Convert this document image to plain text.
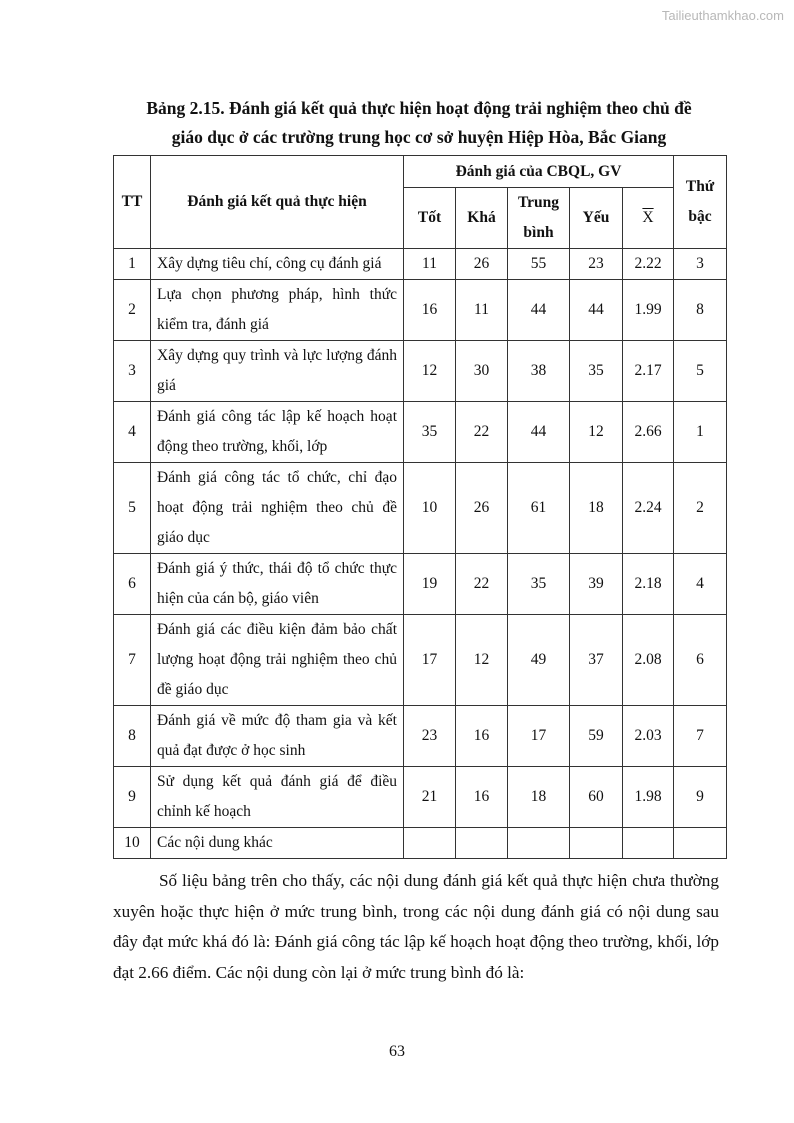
Tailieuthamkhao.com
Bảng 2.15. Đánh giá kết quả thực hiện hoạt động trải nghiệm theo chủ đề
giáo dục ở các trường trung học cơ sở huyện Hiệp Hòa, Bắc Giang
TT	Đánh giá kết quả thực hiện	Đánh giá của CBQL, GV					Thứ bậc
		Tốt	Khá	Trung bình	Yếu	$\overline{X}$
1	Xây dựng tiêu chí, công cụ đánh giá	11	26	55	23	2.22	3
2	Lựa chọn phương pháp, hình thức kiểm tra, đánh giá	16	11	44	44	1.99	8
3	Xây dựng quy trình và lực lượng đánh giá	12	30	38	35	2.17	5
4	Đánh giá công tác lập kế hoạch hoạt động theo trường, khối, lớp	35	22	44	12	2.66	1
5	Đánh giá công tác tổ chức, chỉ đạo hoạt động trải nghiệm theo chủ đề giáo dục	10	26	61	18	2.24	2
6	Đánh giá ý thức, thái độ tổ chức thực hiện của cán bộ, giáo viên	19	22	35	39	2.18	4
7	Đánh giá các điều kiện đảm bảo chất lượng hoạt động trải nghiệm theo chủ đề giáo dục	17	12	49	37	2.08	6
8	Đánh giá về mức độ tham gia và kết quả đạt được ở học sinh	23	16	17	59	2.03	7
9	Sử dụng kết quả đánh giá để điều chỉnh kế hoạch	21	16	18	60	1.98	9
10	Các nội dung khác						

Số liệu bảng trên cho thấy, các nội dung đánh giá kết quả thực hiện chưa thường xuyên hoặc thực hiện ở mức trung bình, trong các nội dung đánh giá có nội dung sau đây đạt mức khá đó là: Đánh giá công tác lập kế hoạch hoạt động theo trường, khối, lớp đạt 2.66 điểm. Các nội dung còn lại ở mức trung bình đó là:

63
